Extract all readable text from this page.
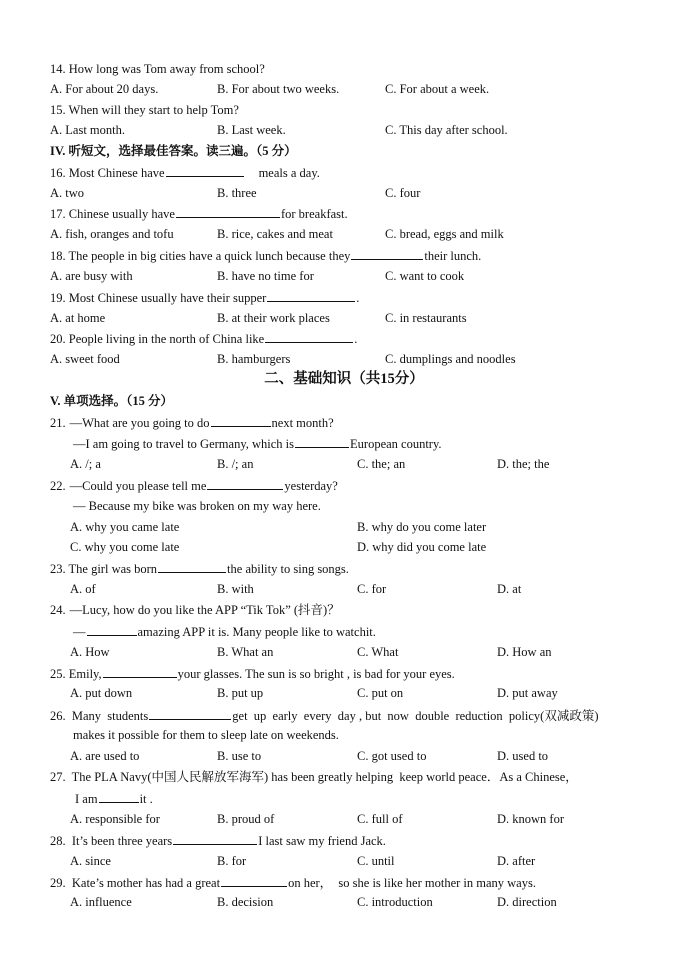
14. How long was Tom away from school?
A. For about 20 days.	B. For about two weeks.	C. For about a week.
15. When will they start to help Tom?
A. Last month.	B. Last week.	C. This day after school.
IV. 听短文，选择最佳答案。读三遍。（5 分）
16. Most Chinese have	meals a day.
A. two	B. three	C. four
17. Chinese usually have	for breakfast.
A. fish, oranges and tofu	B. rice, cakes and meat	C. bread, eggs and milk
18. The people in big cities have a quick lunch because they	their lunch.
A. are busy with	B. have no time for	C. want to cook
19. Most Chinese usually have their supper	.
A. at home	B. at their work places	C. in restaurants
20. People living in the north of China like	.
A. sweet food	B. hamburgers	C. dumplings and noodles
二、基础知识（共15分）
V. 单项选择。（15 分）
21. —What are you going to do	next month?
—I am going to travel to Germany, which is	European country.
A. /; a	B. /; an	C. the; an	D. the; the
22. —Could you please tell me	yesterday?
— Because my bike was broken on my way here.
A. why you came late	B. why do you come later
C. why you come late	D. why did you come late
23. The girl was born	the ability to sing songs.
A. of	B. with	C. for	D. at
24. —Lucy, how do you like the APP “Tik Tok” (抖音)？
—	amazing APP it is. Many people like to watchit.
A. How	B. What an	C. What	D. How an
25. Emily,	your glasses. The sun is so bright , is bad for your eyes.
A. put down	B. put up	C. put on	D. put away
26.  Many  students	get  up  early  every  day , but  now  double  reduction  policy(双减政策)
makes it possible for them to sleep late on weekends.
A. are used to	B. use to	C. got used to	D. used to
27.  The PLA Navy(中国人民解放军海军) has been greatly helping  keep world peace．As a Chinese，
I am	it .
A. responsible for	B. proud of	C. full of	D. known for
28.  It’s been three years	I last saw my friend Jack.
A. since	B. for	C. until	D. after
29.  Kate’s mother has had a great	on her，  so she is like her mother in many ways.
A. influence	B. decision	C. introduction	D. direction
